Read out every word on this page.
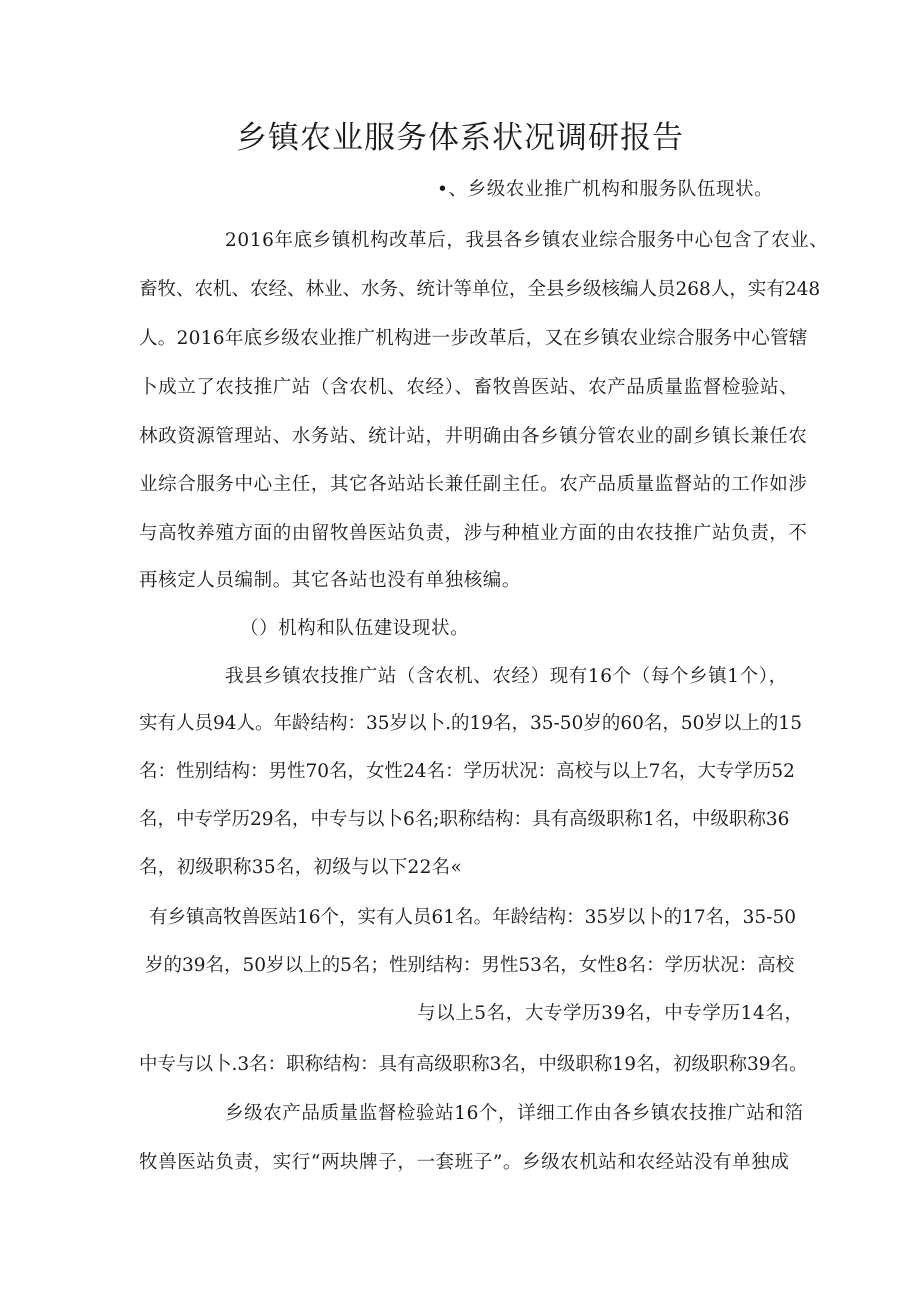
乡镇农业服务体系状况调研报告

•、乡级农业推广机构和服务队伍现状。

2016年底乡镇机构改革后，我县各乡镇农业综合服务中心包含了农业、

畜牧、农机、农经、林业、水务、统计等单位，全县乡级核编人员268人，实有248

人。2016年底乡级农业推广机构进一步改革后，又在乡镇农业综合服务中心管辖

卜成立了农技推广站（含农机、农经）、畜牧兽医站、农产品质量监督检验站、

林政资源管理站、水务站、统计站，井明确由各乡镇分管农业的副乡镇长兼任农

业综合服务中心主任，其它各站站长兼任副主任。农产品质量监督站的工作如涉

与高牧养殖方面的由留牧兽医站负责，涉与种植业方面的由农技推广站负责，不

再核定人员编制。其它各站也没有单独核编。

（）机构和队伍建设现状。

我县乡镇农技推广站（含农机、农经）现有16个（每个乡镇1个），

实有人员94人。年龄结构：35岁以卜.的19名，35-50岁的60名，50岁以上的15

名：性别结构：男性70名，女性24名：学历状况：高校与以上7名，大专学历52

名，中专学历29名，中专与以卜6名;职称结构：具有高级职称1名，中级职称36

名，初级职称35名，初级与以下22名«

有乡镇高牧兽医站16个，实有人员61名。年龄结构：35岁以卜的17名，35-50

岁的39名，50岁以上的5名；性别结构：男性53名，女性8名：学历状况：高校

与以上5名，大专学历39名，中专学历14名，

中专与以卜.3名：职称结构：具有高级职称3名，中级职称19名，初级职称39名。

乡级农产品质量监督检验站16个，详细工作由各乡镇农技推广站和箔

牧兽医站负责，实行“两块牌子，一套班子”。乡级农机站和农经站没有单独成
